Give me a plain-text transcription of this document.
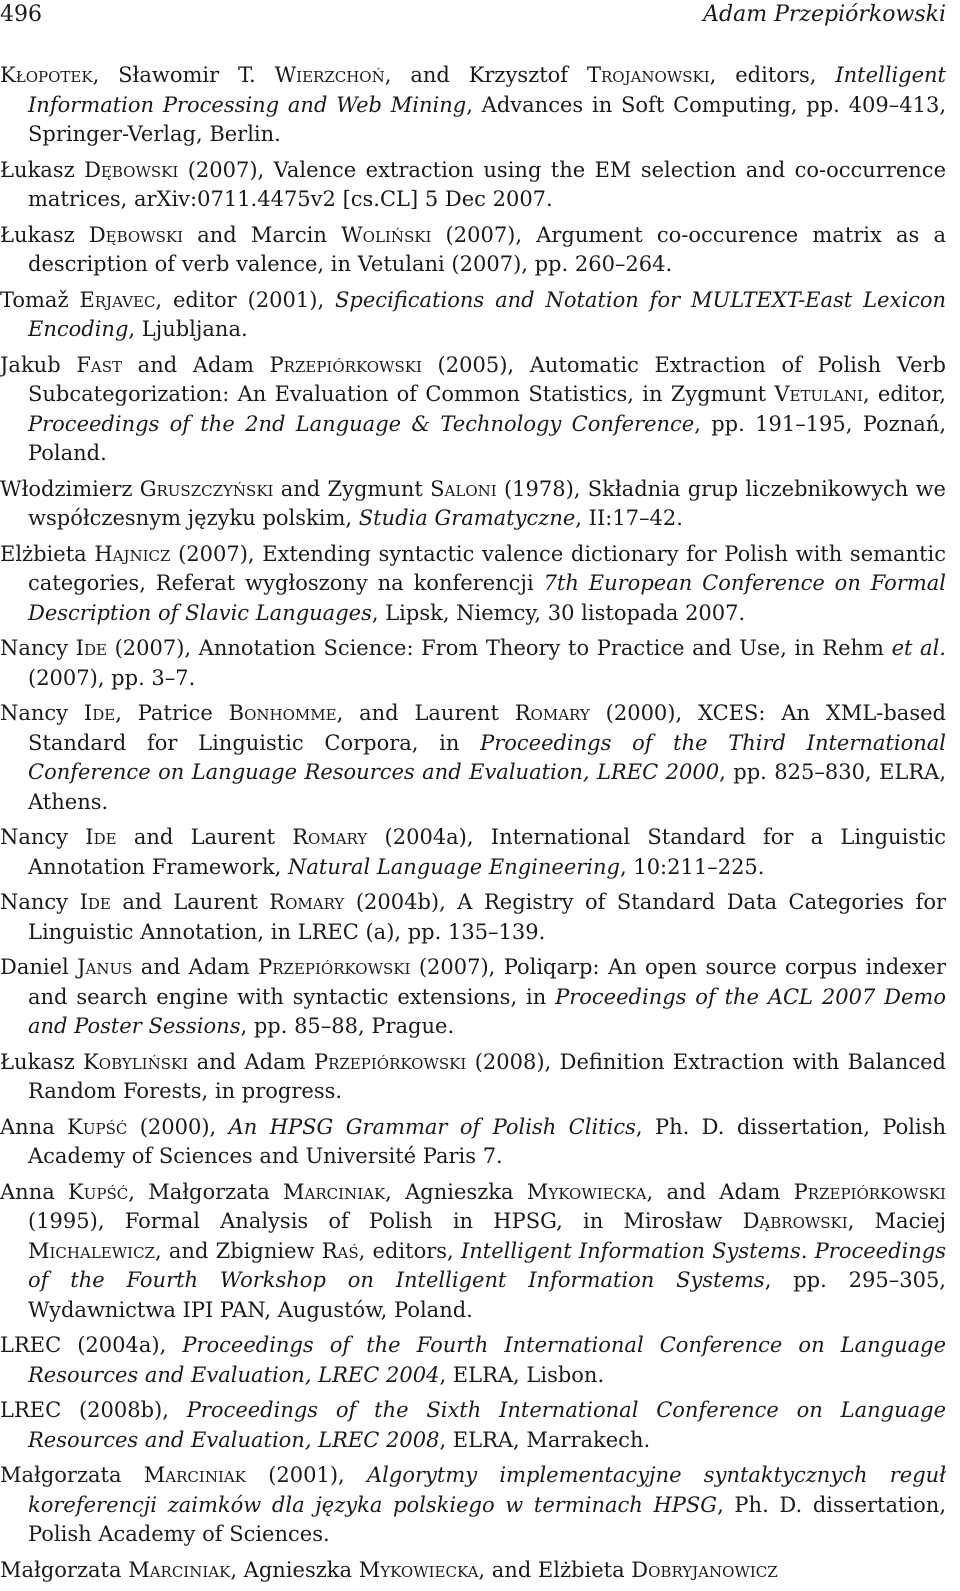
496	Adam Przepiórkowski

Kłopotek, Sławomir T. Wierzchoń, and Krzysztof Trojanowski, editors, Intelligent Information Processing and Web Mining, Advances in Soft Computing, pp. 409–413, Springer-Verlag, Berlin.

Łukasz Dębowski (2007), Valence extraction using the EM selection and co-occurrence matrices, arXiv:0711.4475v2 [cs.CL] 5 Dec 2007.

Łukasz Dębowski and Marcin Woliński (2007), Argument co-occurence matrix as a description of verb valence, in Vetulani (2007), pp. 260–264.

Tomaž Erjavec, editor (2001), Specifications and Notation for MULTEXT-East Lexicon Encoding, Ljubljana.

Jakub Fast and Adam Przepiórkowski (2005), Automatic Extraction of Polish Verb Subcategorization: An Evaluation of Common Statistics, in Zygmunt Vetulani, editor, Proceedings of the 2nd Language & Technology Conference, pp. 191–195, Poznań, Poland.

Włodzimierz Gruszczyński and Zygmunt Saloni (1978), Składnia grup liczebnikowych we współczesnym języku polskim, Studia Gramatyczne, II:17–42.

Elżbieta Hajnicz (2007), Extending syntactic valence dictionary for Polish with semantic categories, Referat wygłoszony na konferencji 7th European Conference on Formal Description of Slavic Languages, Lipsk, Niemcy, 30 listopada 2007.

Nancy Ide (2007), Annotation Science: From Theory to Practice and Use, in Rehm et al. (2007), pp. 3–7.

Nancy Ide, Patrice Bonhomme, and Laurent Romary (2000), XCES: An XML-based Standard for Linguistic Corpora, in Proceedings of the Third International Conference on Language Resources and Evaluation, LREC 2000, pp. 825–830, ELRA, Athens.

Nancy Ide and Laurent Romary (2004a), International Standard for a Linguistic Annotation Framework, Natural Language Engineering, 10:211–225.

Nancy Ide and Laurent Romary (2004b), A Registry of Standard Data Categories for Linguistic Annotation, in LREC (a), pp. 135–139.

Daniel Janus and Adam Przepiórkowski (2007), Poliqarp: An open source corpus indexer and search engine with syntactic extensions, in Proceedings of the ACL 2007 Demo and Poster Sessions, pp. 85–88, Prague.

Łukasz Kobyliński and Adam Przepiórkowski (2008), Definition Extraction with Balanced Random Forests, in progress.

Anna Kupść (2000), An HPSG Grammar of Polish Clitics, Ph. D. dissertation, Polish Academy of Sciences and Université Paris 7.

Anna Kupść, Małgorzata Marciniak, Agnieszka Mykowiecka, and Adam Przepiórkowski (1995), Formal Analysis of Polish in HPSG, in Mirosław Dąbrowski, Maciej Michalewicz, and Zbigniew Raś, editors, Intelligent Information Systems. Proceedings of the Fourth Workshop on Intelligent Information Systems, pp. 295–305, Wydawnictwa IPI PAN, Augustów, Poland.

LREC (2004a), Proceedings of the Fourth International Conference on Language Resources and Evaluation, LREC 2004, ELRA, Lisbon.

LREC (2008b), Proceedings of the Sixth International Conference on Language Resources and Evaluation, LREC 2008, ELRA, Marrakech.

Małgorzata Marciniak (2001), Algorytmy implementacyjne syntaktycznych reguł koreferencji zaimków dla języka polskiego w terminach HPSG, Ph. D. dissertation, Polish Academy of Sciences.

Małgorzata Marciniak, Agnieszka Mykowiecka, and Elżbieta Dobryjanowicz
